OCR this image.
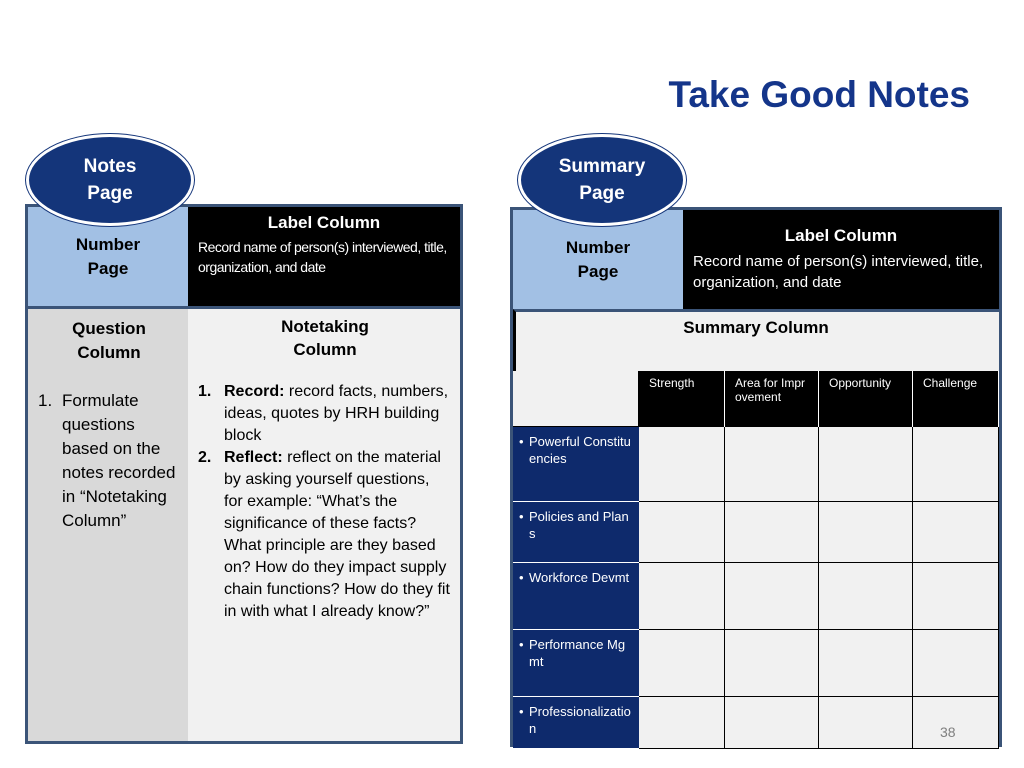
Take Good Notes
Number
Page
Label Column
Record name of person(s) interviewed, title, organization, and date
Question
Column
1. Formulate questions based on the notes recorded in “Notetaking Column”
Notetaking
Column
1. Record: record facts, numbers, ideas, quotes by HRH building block
2. Reflect: reflect on the material by asking yourself questions, for example: “What’s the significance of these facts? What principle are they based on? How do they impact supply chain functions? How do they fit in with what I already know?”
Notes
Page
Number
Page
Label Column
Record name of person(s) interviewed, title, organization, and date
Summary Column
Strength	Area for Improvement
Opportunity	Challenge
• Powerful Constituencies
• Policies and Plans
• Workforce Devmt
• Performance Mgmt
• Professionalization
Summary
Page
38
